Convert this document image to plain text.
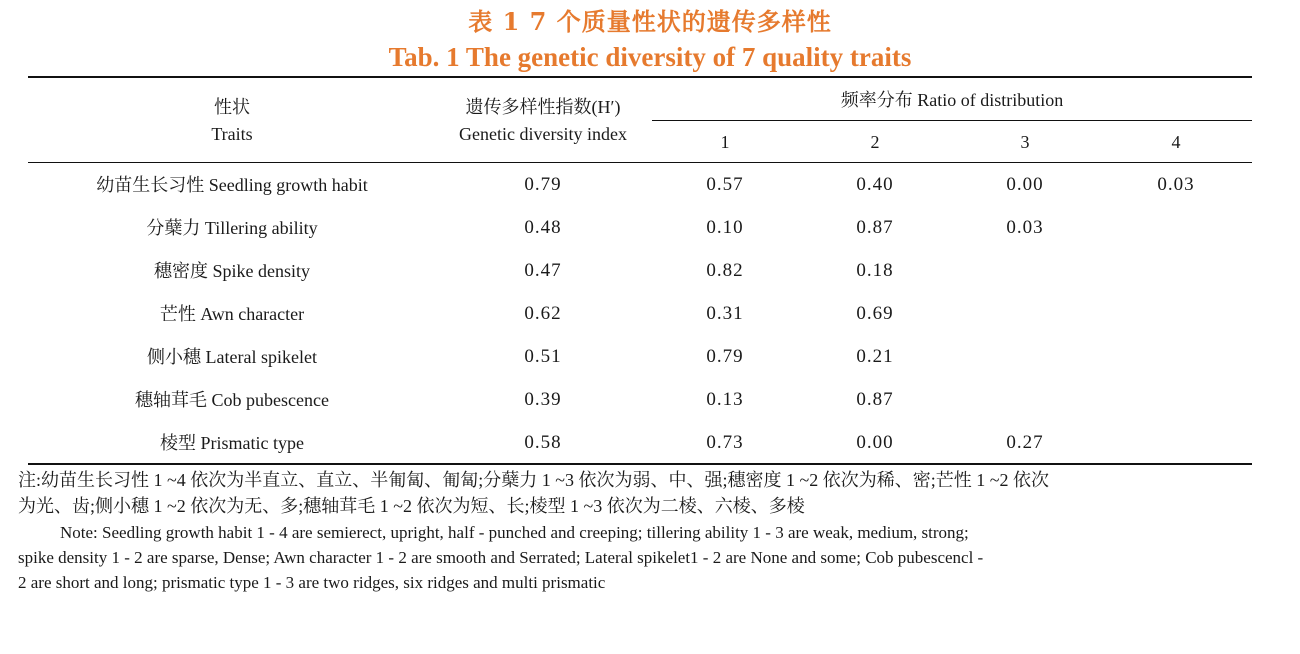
表 1 7 个质量性状的遗传多样性
Tab. 1 The genetic diversity of 7 quality traits
性状
Traits
遗传多样性指数(H′)
Genetic diversity index
频率分布 Ratio of distribution
1	2	3	4
幼苗生长习性 Seedling growth habit	0.79	0.57	0.40	0.00	0.03
分蘖力 Tillering ability	0.48	0.10	0.87	0.03
穗密度 Spike density	0.47	0.82	0.18
芒性 Awn character	0.62	0.31	0.69
侧小穗 Lateral spikelet	0.51	0.79	0.21
穗轴茸毛 Cob pubescence	0.39	0.13	0.87
棱型 Prismatic type	0.58	0.73	0.00	0.27
注:幼苗生长习性 1 ~4 依次为半直立、直立、半匍匐、匍匐;分蘖力 1 ~3 依次为弱、中、强;穗密度 1 ~2 依次为稀、密;芒性 1 ~2 依次
为光、齿;侧小穗 1 ~2 依次为无、多;穗轴茸毛 1 ~2 依次为短、长;棱型 1 ~3 依次为二棱、六棱、多棱
Note: Seedling growth habit 1 - 4 are semierect, upright, half - punched and creeping; tillering ability 1 - 3 are weak, medium, strong;
spike density 1 - 2 are sparse, Dense; Awn character 1 - 2 are smooth and Serrated; Lateral spikelet1 - 2 are None and some; Cob pubescencl -
2 are short and long; prismatic type 1 - 3 are two ridges, six ridges and multi prismatic
